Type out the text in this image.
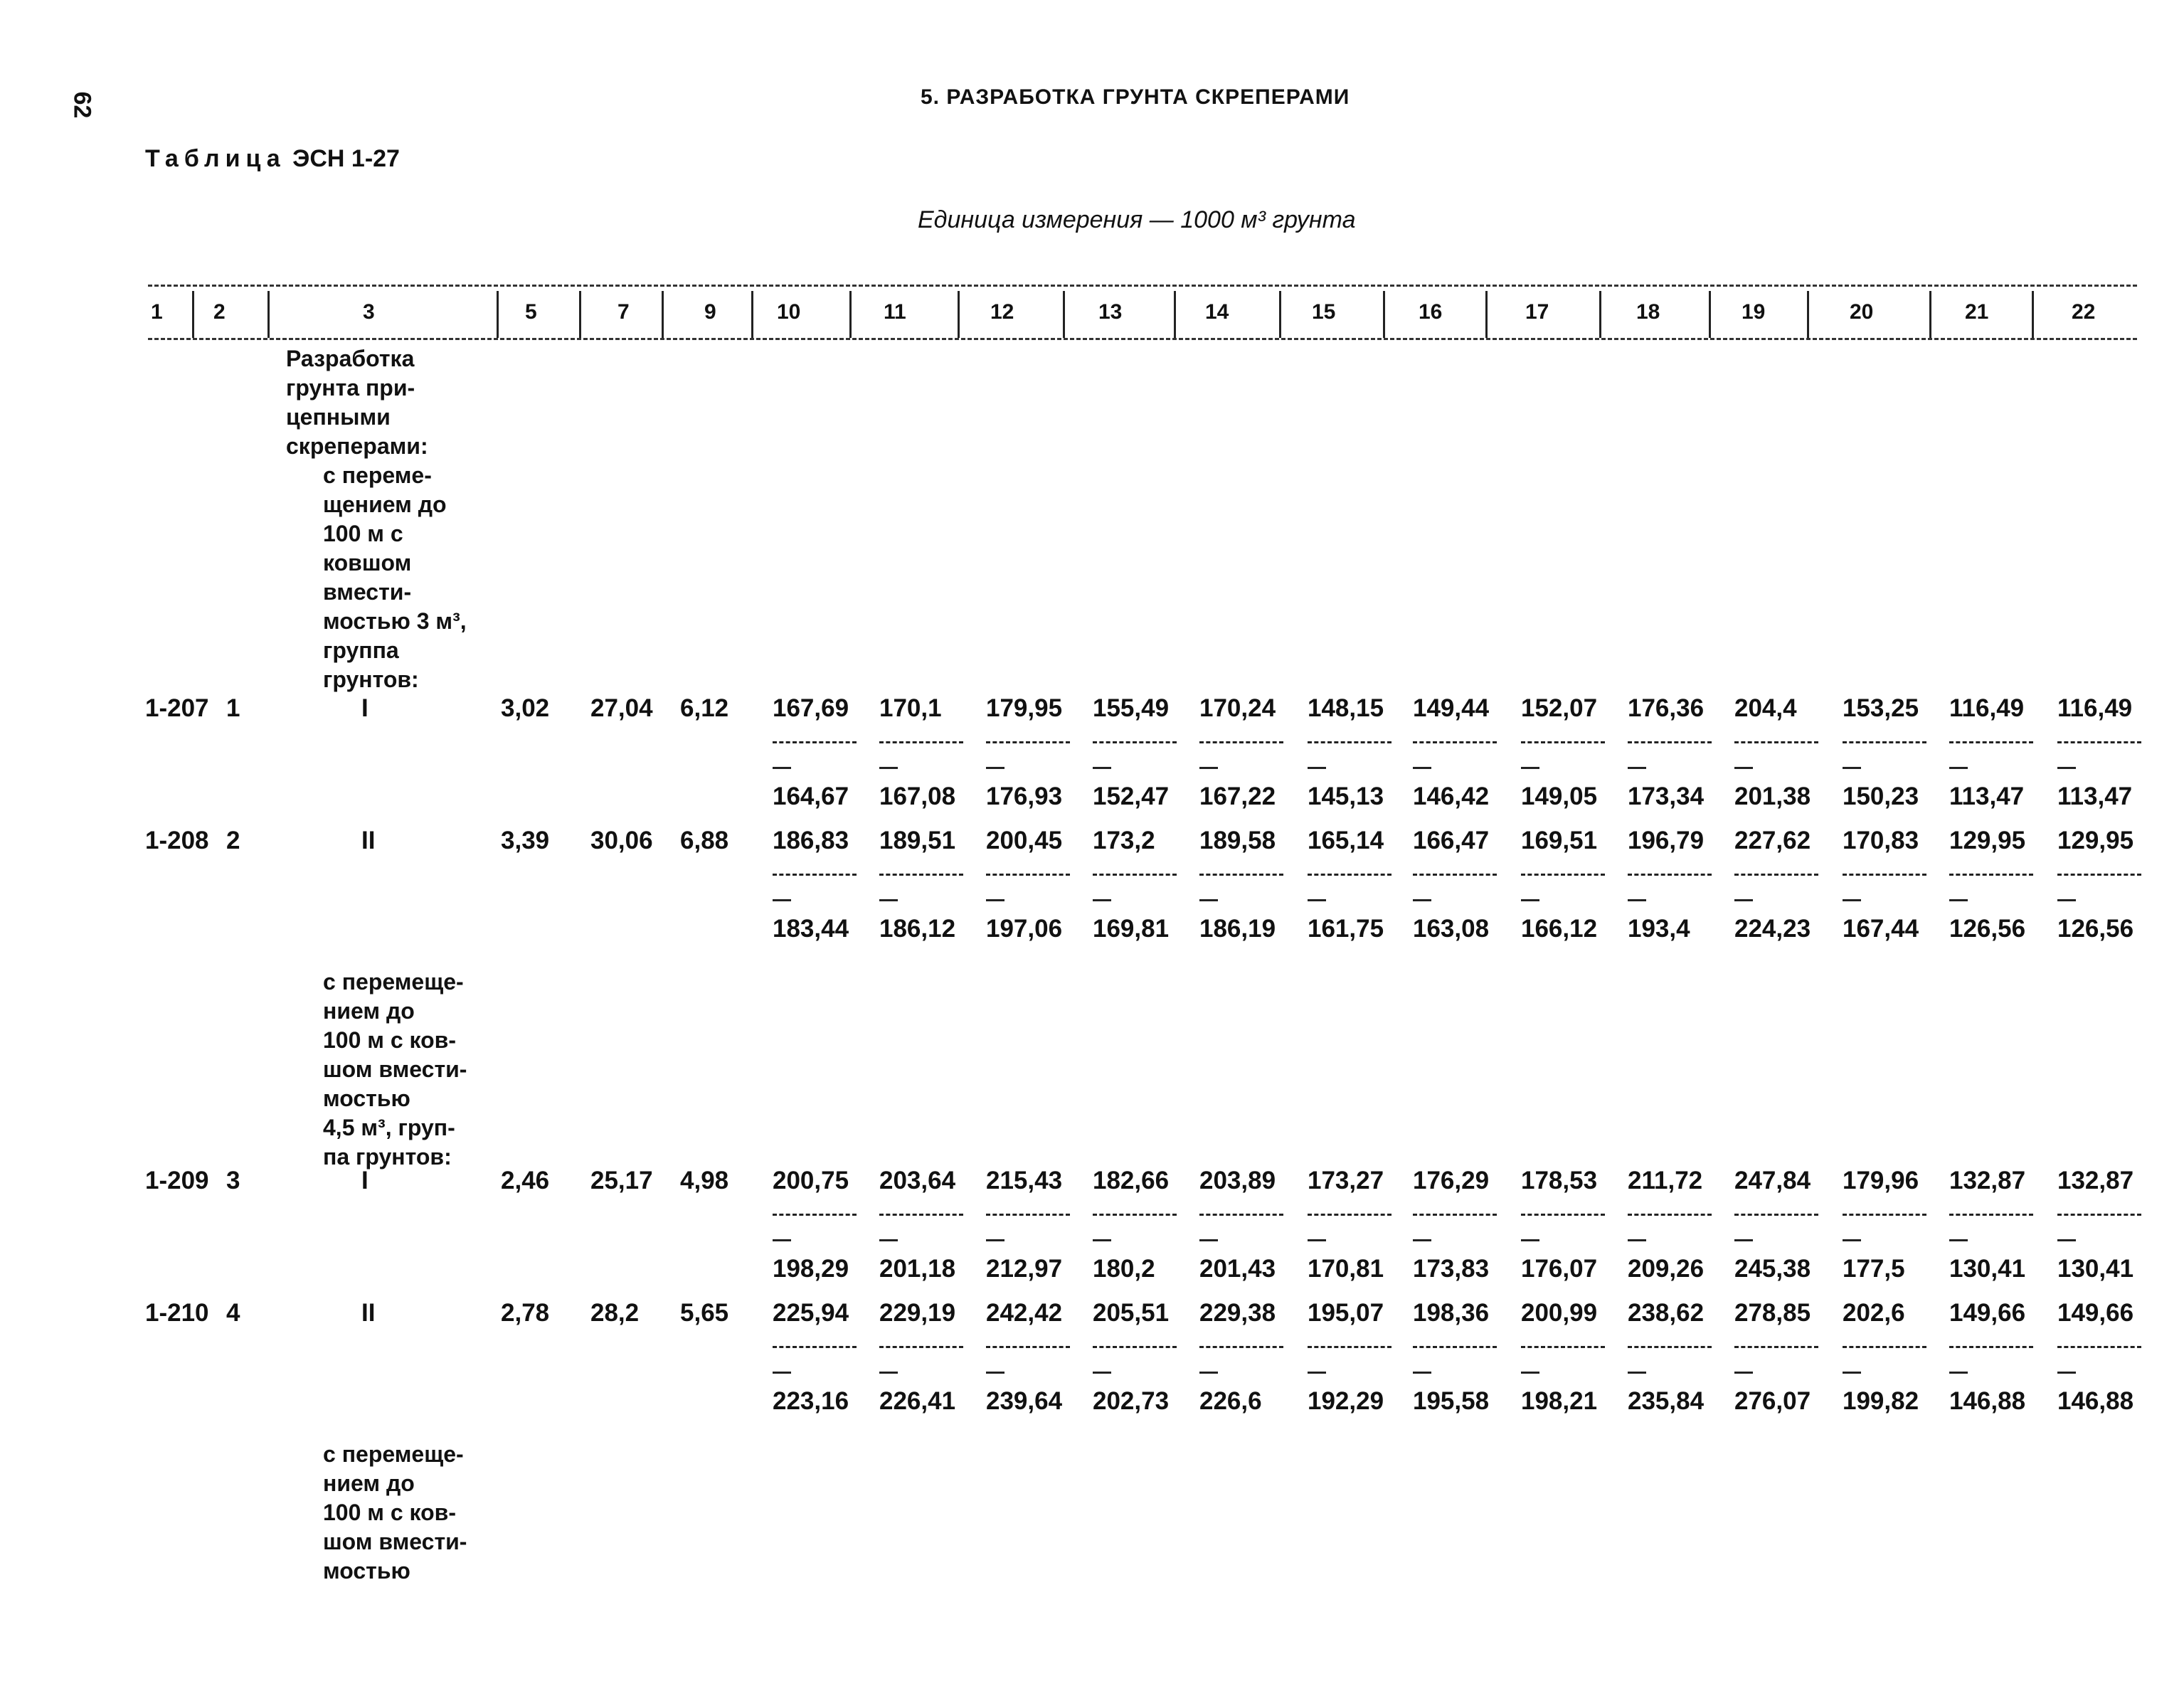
62	5. РАЗРАБОТКА ГРУНТА СКРЕПЕРАМИ
Таблица ЭСН 1-27
Единица измерения — 1000 м³ грунта
1 2	3	5	7	9	10	11	12	13	14	15	16	17	18	19	20	21	22
Разработка
грунта при-
цепными
скреперами:
с переме-
щением до
100 м с
ковшом
вмести-
мостью 3 м³,
группа
грунтов:
с перемеще-
нием до
100 м с ков-
шом вмести-
мостью
4,5 м³, груп-
па грунтов:
с перемеще-
нием до
100 м с ков-
шом вмести-
мостью
1-207 1	I	3,02 27,04 6,12 167,69 170,1 179,95 155,49 170,24 148,15 149,44 152,07 176,36 204,4 153,25 116,49 116,49
164,67 167,08 176,93 152,47 167,22 145,13 146,42 149,05 173,34 201,38 150,23 113,47 113,47
1-208 2	II	3,39 30,06 6,88 186,83 189,51 200,45 173,2 189,58 165,14 166,47 169,51 196,79 227,62 170,83 129,95 129,95
183,44 186,12 197,06 169,81 186,19 161,75 163,08 166,12 193,4 224,23 167,44 126,56 126,56
1-209 3	I	2,46 25,17 4,98 200,75 203,64 215,43 182,66 203,89 173,27 176,29 178,53 211,72 247,84 179,96 132,87 132,87
198,29 201,18 212,97 180,2 201,43 170,81 173,83 176,07 209,26 245,38 177,5 130,41 130,41
1-210 4	II	2,78 28,2 5,65 225,94 229,19 242,42 205,51 229,38 195,07 198,36 200,99 238,62 278,85 202,6 149,66 149,66
223,16 226,41 239,64 202,73 226,6 192,29 195,58 198,21 235,84 276,07 199,82 146,88 146,88
